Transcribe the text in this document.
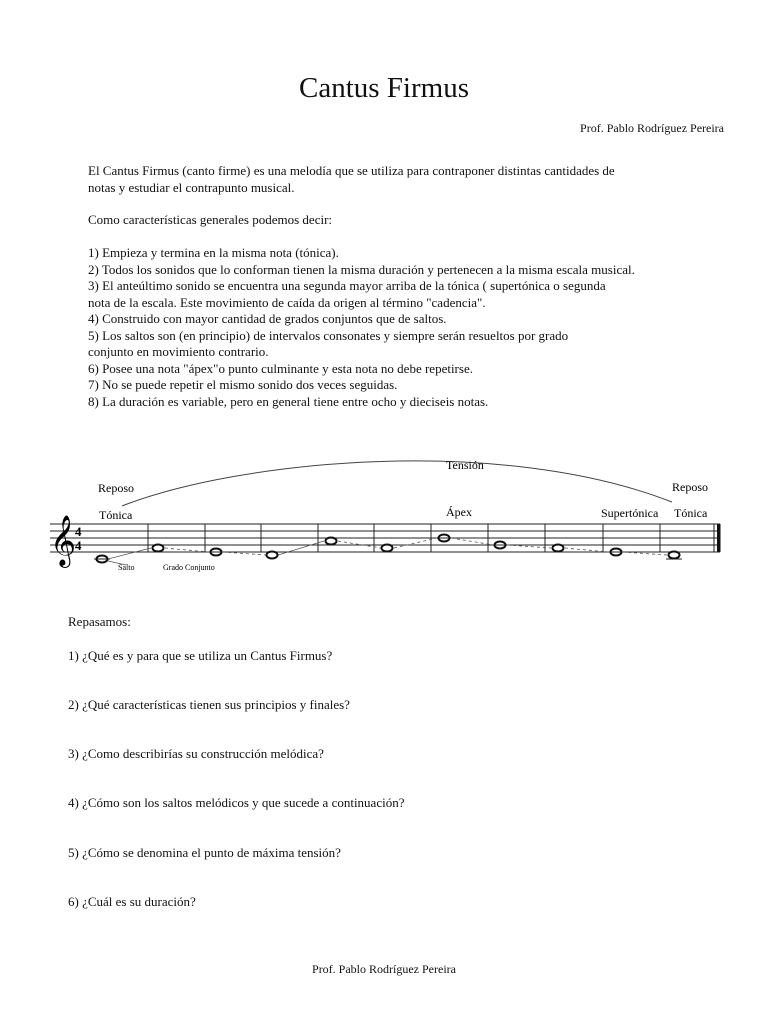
Cantus Firmus
Prof. Pablo Rodríguez Pereira
El Cantus Firmus (canto firme) es una melodía que se utiliza para contraponer distintas cantidades de
notas y estudiar el contrapunto musical.
Como características generales podemos decir:
1) Empieza y termina en la misma nota (tónica).
2) Todos los sonidos que lo conforman tienen la misma duración y pertenecen a la misma escala musical.
3) El anteúltimo sonido se encuentra una segunda mayor arriba de la tónica ( supertónica o segunda
nota de la escala. Este movimiento de caída da origen al término "cadencia".
4) Construido con mayor cantidad de grados conjuntos que de saltos.
5) Los saltos son (en principio) de intervalos consonates y siempre serán resueltos por grado
conjunto en movimiento contrario.
6) Posee una nota "ápex"o punto culminante y esta nota no debe repetirse.
7) No se puede repetir el mismo sonido dos veces seguidas.
8) La duración es variable, pero en general tiene entre ocho y dieciseis notas.
Tensión
Reposo	Reposo
Tónica	Ápex	Supertónica Tónica
𝄞
4
4
Salto	Grado Conjunto
Repasamos:
1) ¿Qué es y para que se utiliza un Cantus Firmus?
2) ¿Qué características tienen sus principios y finales?
3) ¿Como describirías su construcción melódica?
4) ¿Cómo son los saltos melódicos y que sucede a continuación?
5) ¿Cómo se denomina el punto de máxima tensión?
6) ¿Cuál es su duración?
Prof. Pablo Rodríguez Pereira
